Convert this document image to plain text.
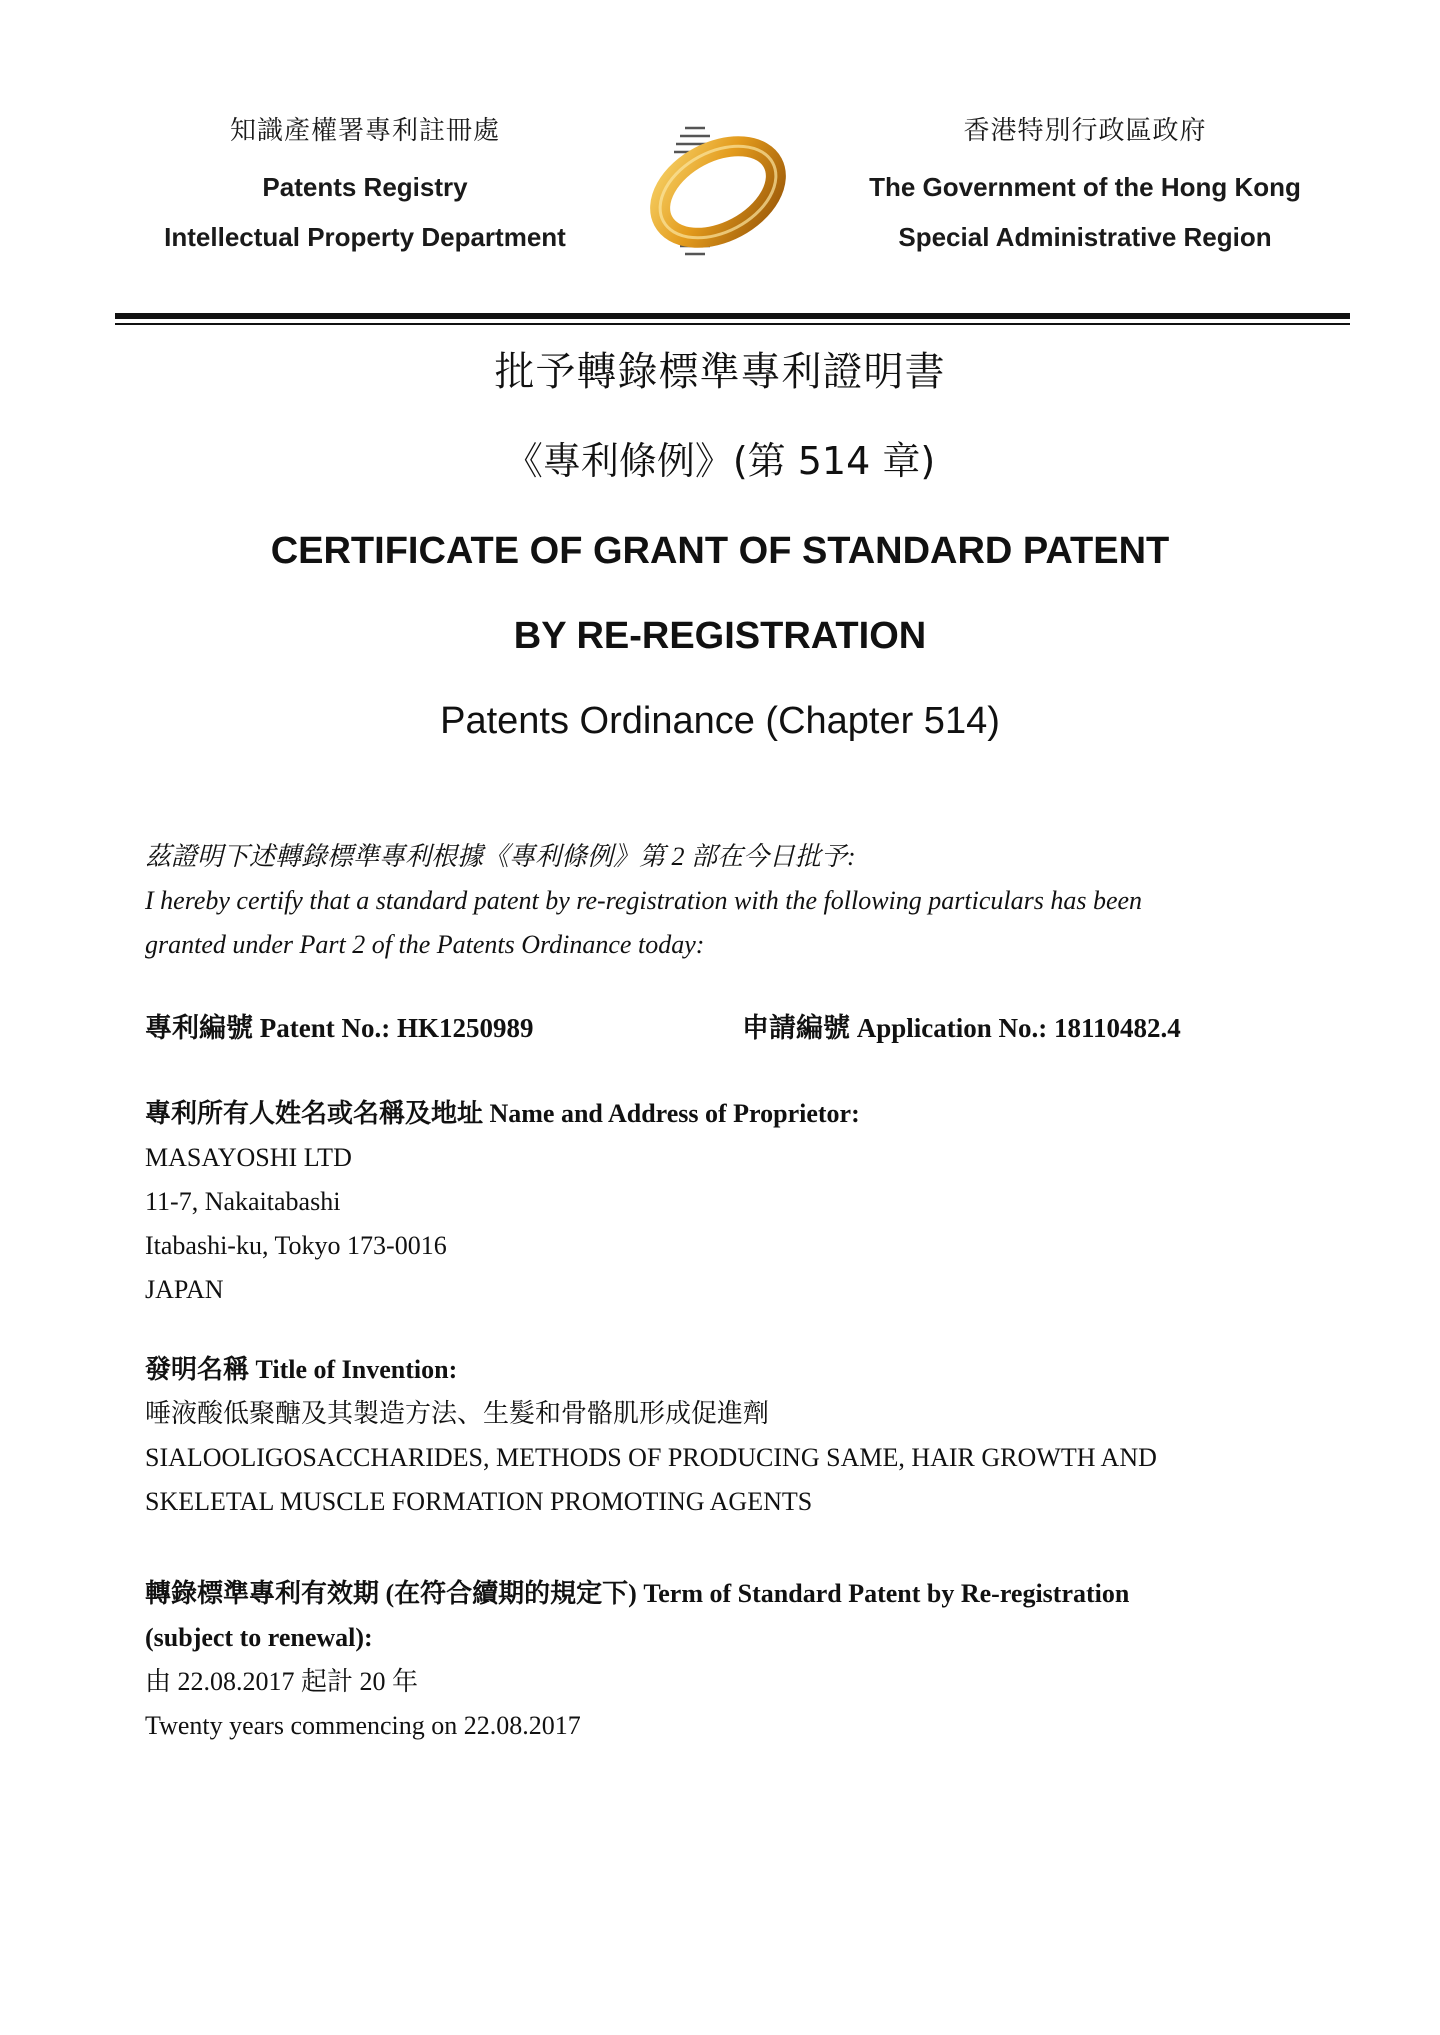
知識產權署專利註冊處
Patents Registry
Intellectual Property Department
香港特別行政區政府
The Government of the Hong Kong
Special Administrative Region
批予轉錄標準專利證明書
《專利條例》(第 514 章)
CERTIFICATE OF GRANT OF STANDARD PATENT
BY RE-REGISTRATION
Patents Ordinance (Chapter 514)
茲證明下述轉錄標準專利根據《專利條例》第 2 部在今日批予:
I hereby certify that a standard patent by re-registration with the following particulars has been
granted under Part 2 of the Patents Ordinance today:
專利編號 Patent No.: HK1250989	申請編號 Application No.: 18110482.4
專利所有人姓名或名稱及地址 Name and Address of Proprietor:
MASAYOSHI LTD
11-7, Nakaitabashi
Itabashi-ku, Tokyo 173-0016
JAPAN
發明名稱 Title of Invention:
唾液酸低聚醣及其製造方法、生髮和骨骼肌形成促進劑
SIALOOLIGOSACCHARIDES, METHODS OF PRODUCING SAME, HAIR GROWTH AND
SKELETAL MUSCLE FORMATION PROMOTING AGENTS
轉錄標準專利有效期 (在符合續期的規定下) Term of Standard Patent by Re-registration
(subject to renewal):
由 22.08.2017 起計 20 年
Twenty years commencing on 22.08.2017
